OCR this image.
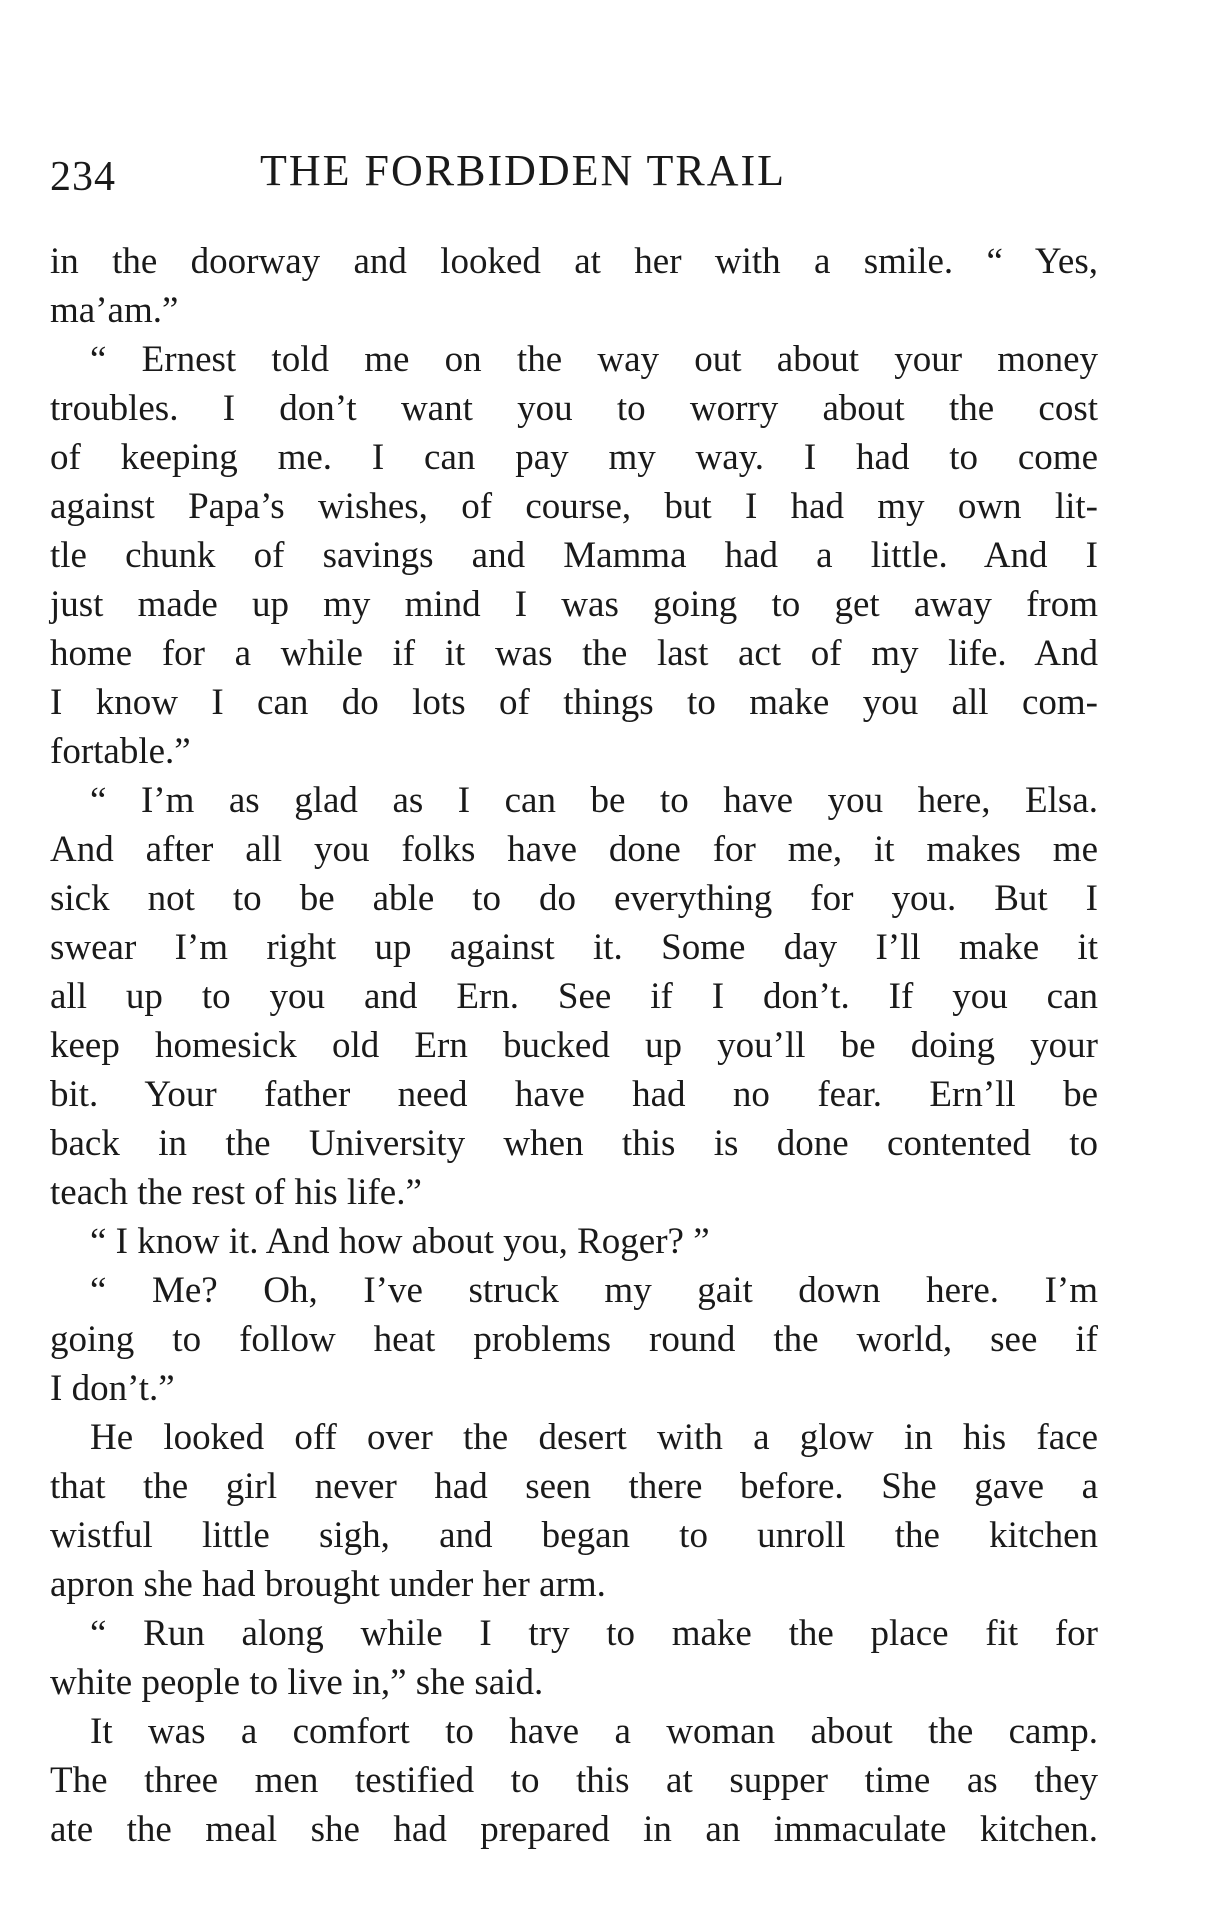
234	THE FORBIDDEN TRAIL
in the doorway and looked at her with a smile. “ Yes,
ma’am.”
“ Ernest told me on the way out about your money
troubles. I don’t want you to worry about the cost
of keeping me. I can pay my way. I had to come
against Papa’s wishes, of course, but I had my own lit-
tle chunk of savings and Mamma had a little. And I
just made up my mind I was going to get away from
home for a while if it was the last act of my life. And
I know I can do lots of things to make you all com-
fortable.”
“ I’m as glad as I can be to have you here, Elsa.
And after all you folks have done for me, it makes me
sick not to be able to do everything for you. But I
swear I’m right up against it. Some day I’ll make it
all up to you and Ern. See if I don’t. If you can
keep homesick old Ern bucked up you’ll be doing your
bit. Your father need have had no fear. Ern’ll be
back in the University when this is done contented to
teach the rest of his life.”
“ I know it. And how about you, Roger? ”
“ Me? Oh, I’ve struck my gait down here. I’m
going to follow heat problems round the world, see if
I don’t.”
He looked off over the desert with a glow in his face
that the girl never had seen there before. She gave a
wistful little sigh, and began to unroll the kitchen
apron she had brought under her arm.
“ Run along while I try to make the place fit for
white people to live in,” she said.
It was a comfort to have a woman about the camp.
The three men testified to this at supper time as they
ate the meal she had prepared in an immaculate kitchen.
